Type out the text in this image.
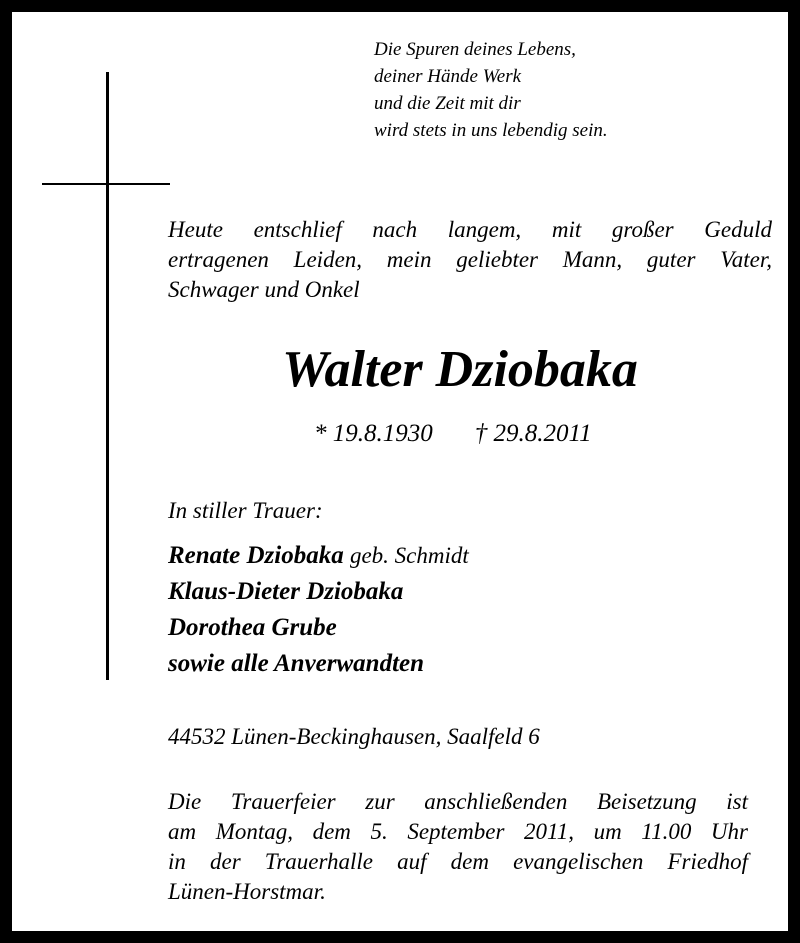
Die Spuren deines Lebens,
deiner Hände Werk
und die Zeit mit dir
wird stets in uns lebendig sein.
Heute entschlief nach langem, mit großer Geduld
ertragenen Leiden, mein geliebter Mann, guter Vater,
Schwager und Onkel
Walter Dziobaka
* 19.8.1930 † 29.8.2011
In stiller Trauer:
Renate Dziobaka geb. Schmidt
Klaus-Dieter Dziobaka
Dorothea Grube
sowie alle Anverwandten
44532 Lünen-Beckinghausen, Saalfeld 6
Die Trauerfeier zur anschließenden Beisetzung ist
am Montag, dem 5. September 2011, um 11.00 Uhr
in der Trauerhalle auf dem evangelischen Friedhof
Lünen-Horstmar.
